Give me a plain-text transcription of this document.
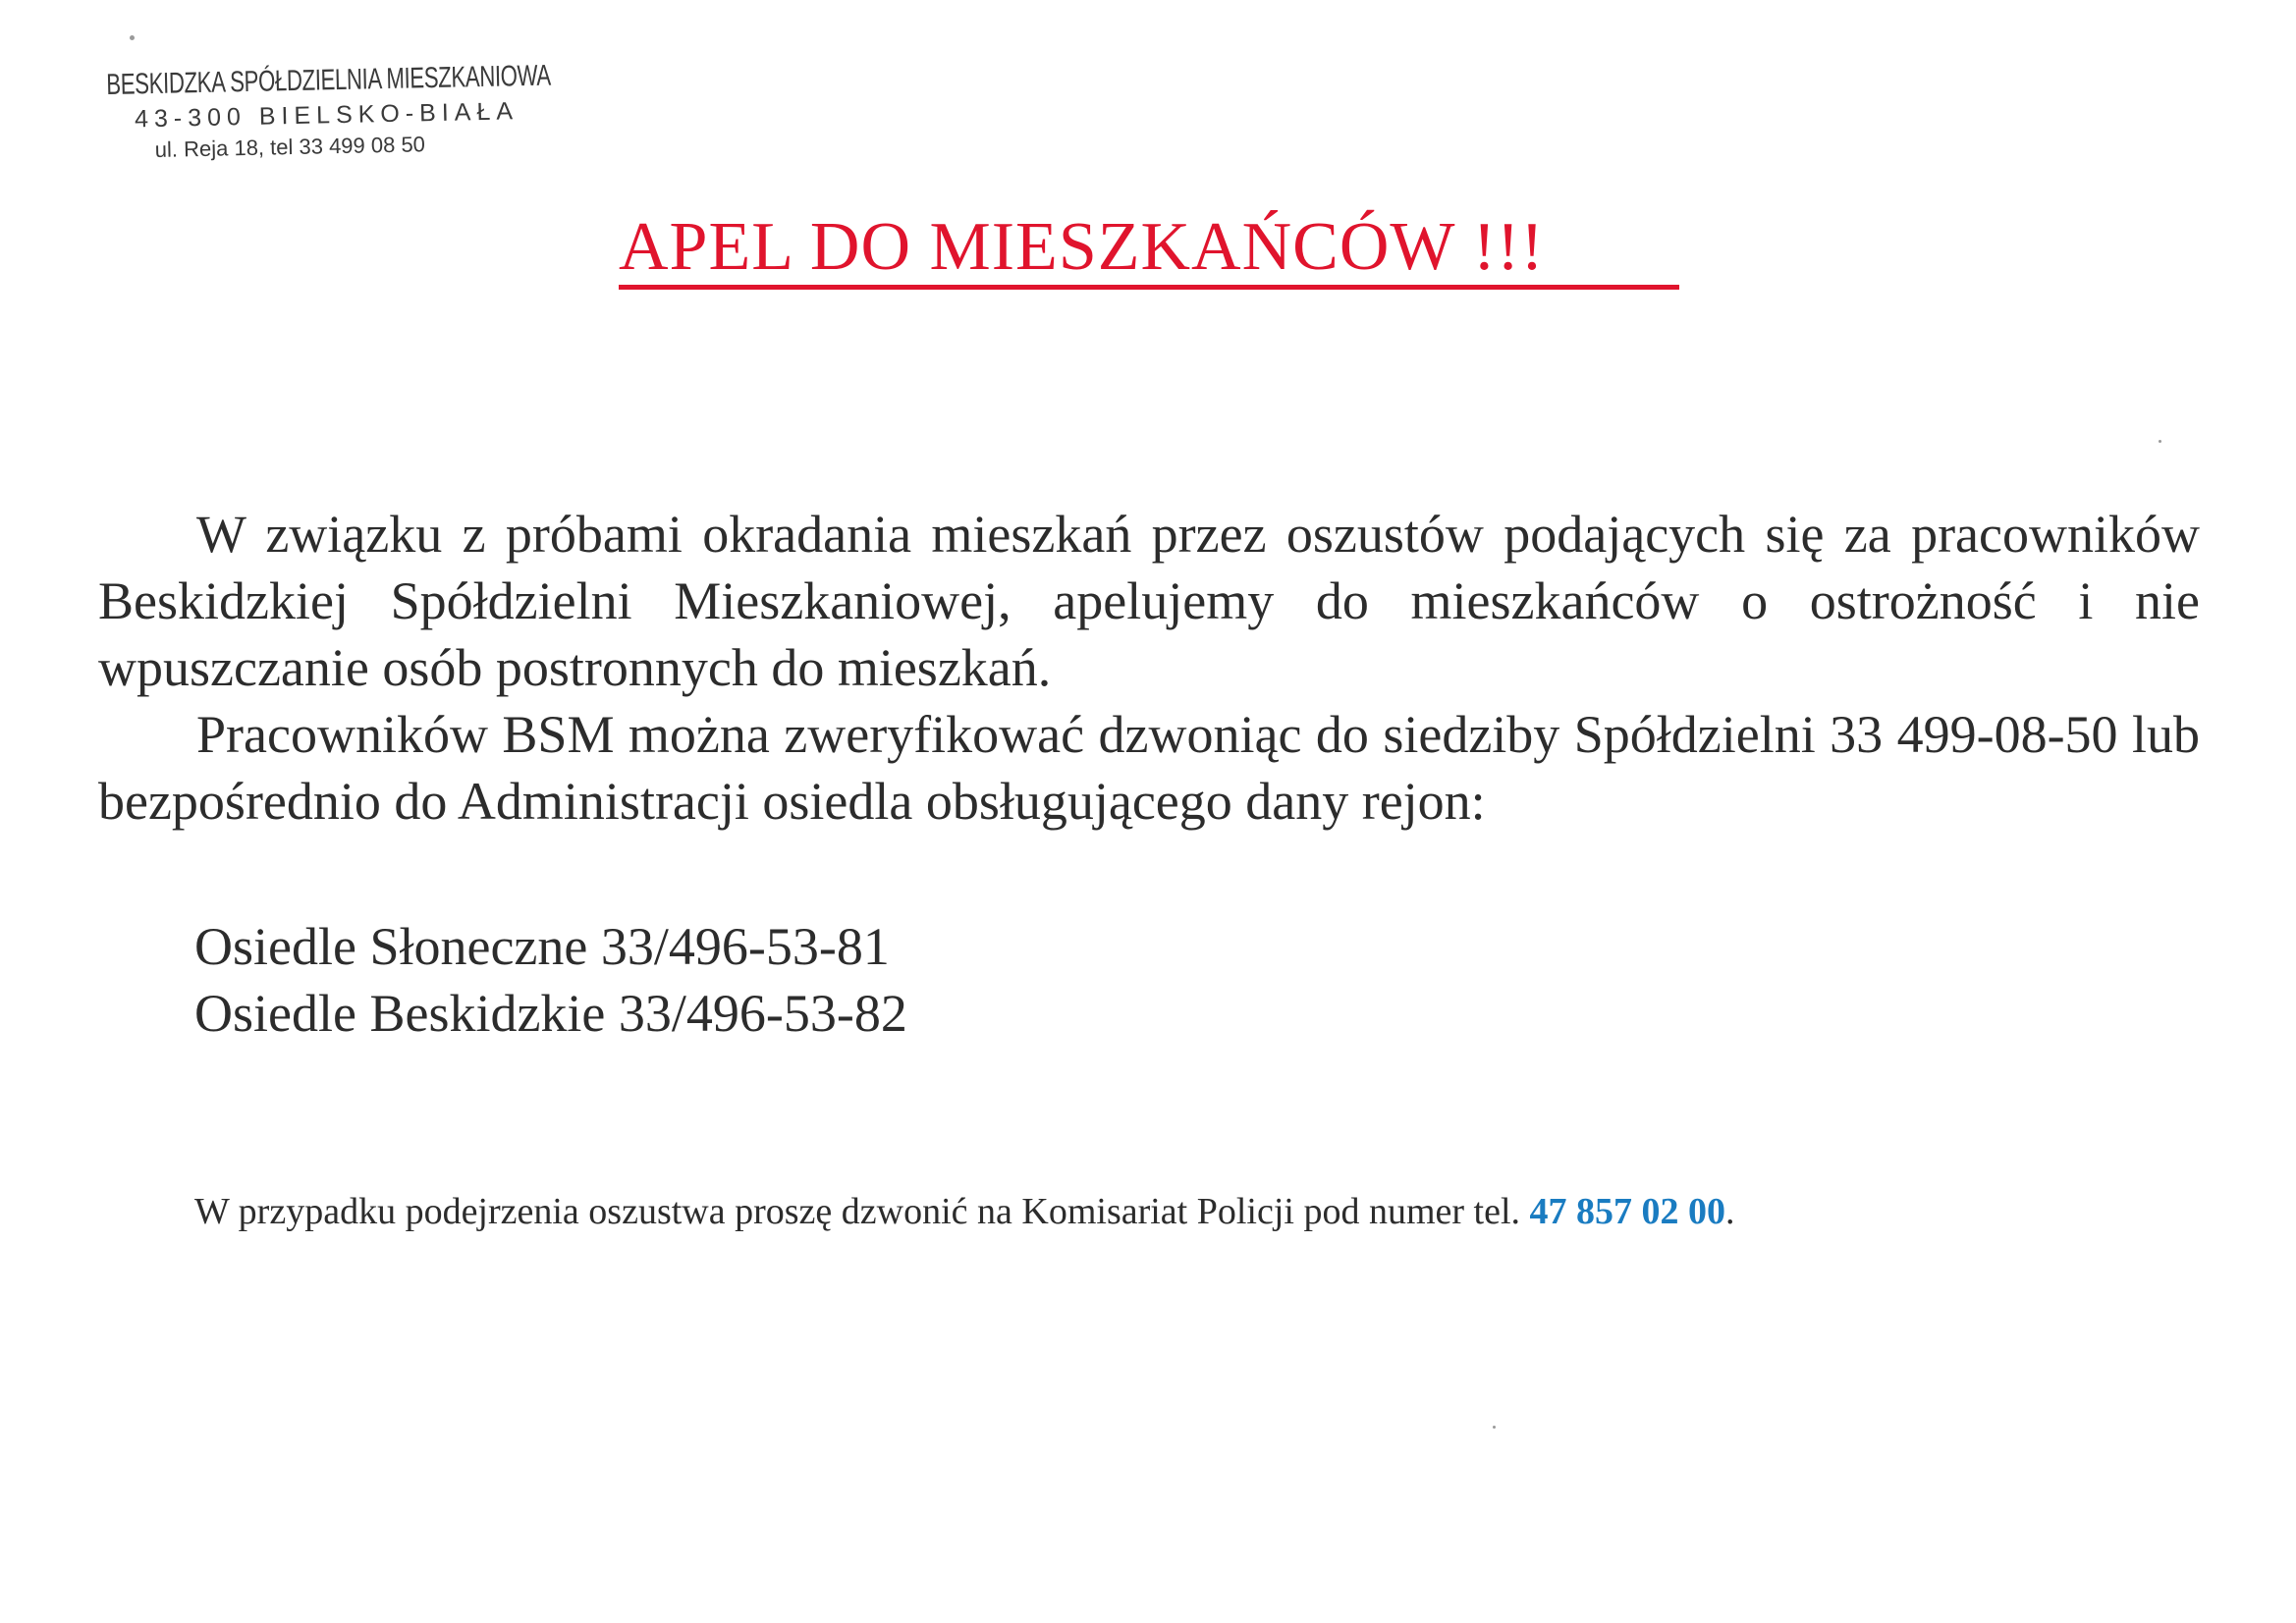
BESKIDZKA SPÓŁDZIELNIA MIESZKANIOWA
43-300 BIELSKO-BIAŁA
ul. Reja 18, tel 33 499 08 50
APEL DO MIESZKAŃCÓW !!!

W związku z próbami okradania mieszkań przez oszustów podających się za pracowników Beskidzkiej Spółdzielni Mieszkaniowej, apelujemy do mieszkańców o ostrożność i nie wpuszczanie osób postronnych do mieszkań.

Pracowników BSM można zweryfikować dzwoniąc do siedziby Spółdzielni 33 499-08-50 lub bezpośrednio do Administracji osiedla obsługującego dany rejon:

Osiedle Słoneczne 33/496-53-81
Osiedle Beskidzkie 33/496-53-82
W przypadku podejrzenia oszustwa proszę dzwonić na Komisariat Policji pod numer tel. 47 857 02 00.
